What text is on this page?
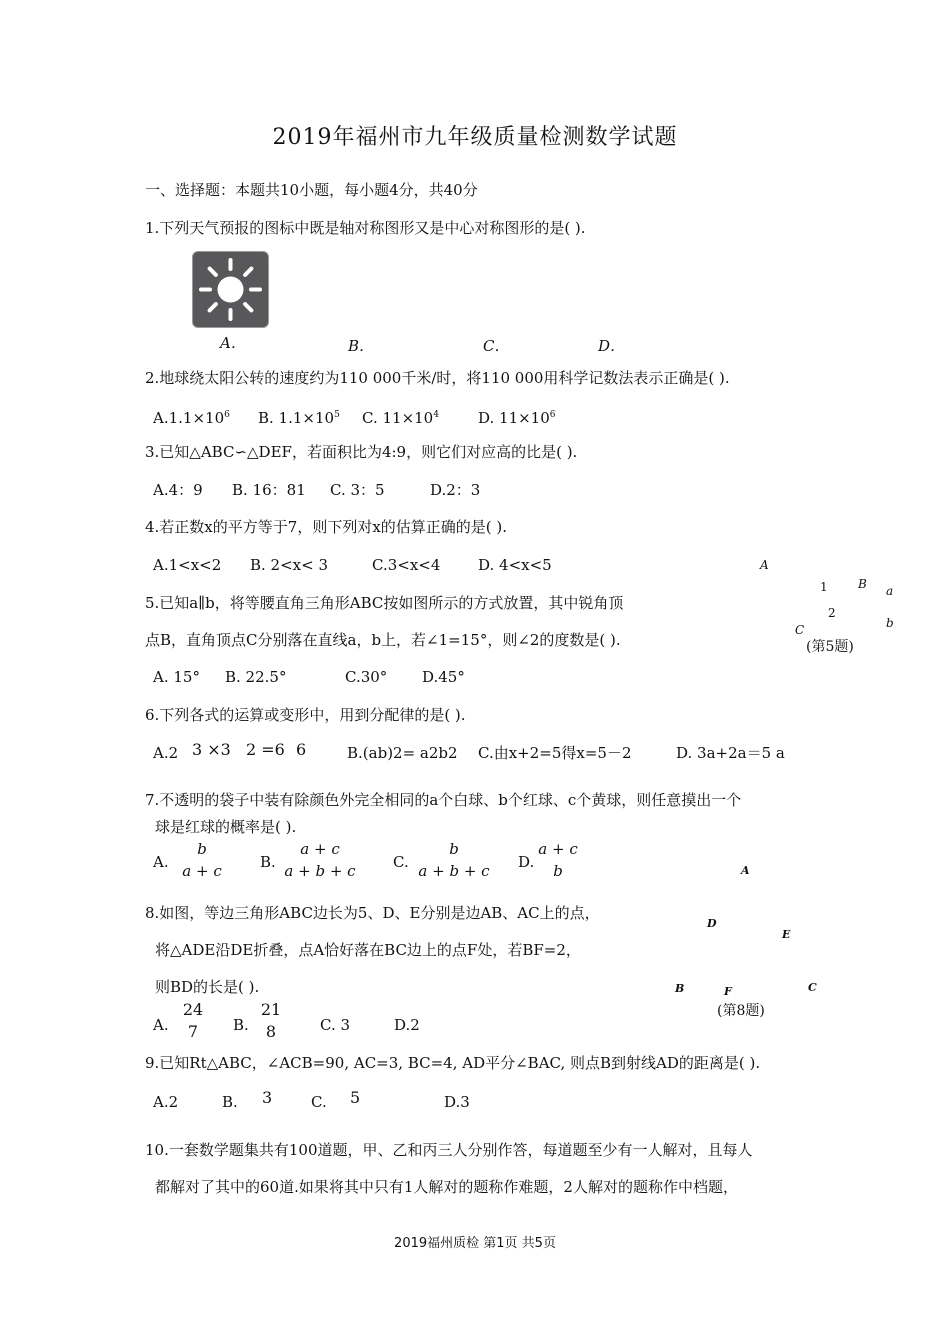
2019年福州市九年级质量检测数学试题
一、选择题：本题共10小题，每小题4分，共40分
1.下列天气预报的图标中既是轴对称图形又是中心对称图形的是( ).
A．	B．	C．	D．
2.地球绕太阳公转的速度约为110 000千米/时，将110 000用科学记数法表示正确是( ).
$A.1.1\times 10^6$ B. $1.1\times 10^5$ C. $11\times 10^4$	D. $11\times 10^6$
3.已知△ABC∽△DEF，若面积比为4:9，则它们对应高的比是( ).
A.4：9 B. 16：81 C. 3：5	D.2：3
4.若正数x的平方等于7，则下列对x的估算正确的是( ).
A.1<x<2 B. 2<x< 3	C.3<x<4	D. 4<x<5
5.已知a∥b，将等腰直角三角形ABC按如图所示的方式放置，其中锐角顶
点B，直角顶点C分别落在直线a，b上，若∠1=15°，则∠2的度数是( ).
A. 15° B. 22.5°	C.30° D.45°
A
1	B a
2
b
C
(第5题)
6.下列各式的运算或变形中，用到分配律的是( ).
A.2 3 ×3 2 =6 6	B.(ab)2= a2b2 C.由x+2=5得x=5－2	D. 3a+2a＝5 a
7.不透明的袋子中装有除颜色外完全相同的a个白球、b个红球、c个黄球，则任意摸出一个
球是红球的概率是( ).
A.
b
a + c	B.
a + c
a + b + c C.
b
a + b + c D.
a + c
b
8.如图，等边三角形ABC边长为5、D、E分别是边AB、AC上的点，
将△ADE沿DE折叠，点A恰好落在BC边上的点F处，若BF=2，
则BD的长是( ).
A.
24
7	B.
21
8	C. 3	D.2
A
D
E
B	F	C
(第8题)
9.已知Rt△ABC，∠ACB=90, AC=3, BC=4, AD平分∠BAC, 则点B到射线AD的距离是( ).
A.2	B. 3	C. 5	D.3
10.一套数学题集共有100道题，甲、乙和丙三人分别作答，每道题至少有一人解对，且每人
都解对了其中的60道.如果将其中只有1人解对的题称作难题，2人解对的题称作中档题，
2019福州质检 第1页 共5页
